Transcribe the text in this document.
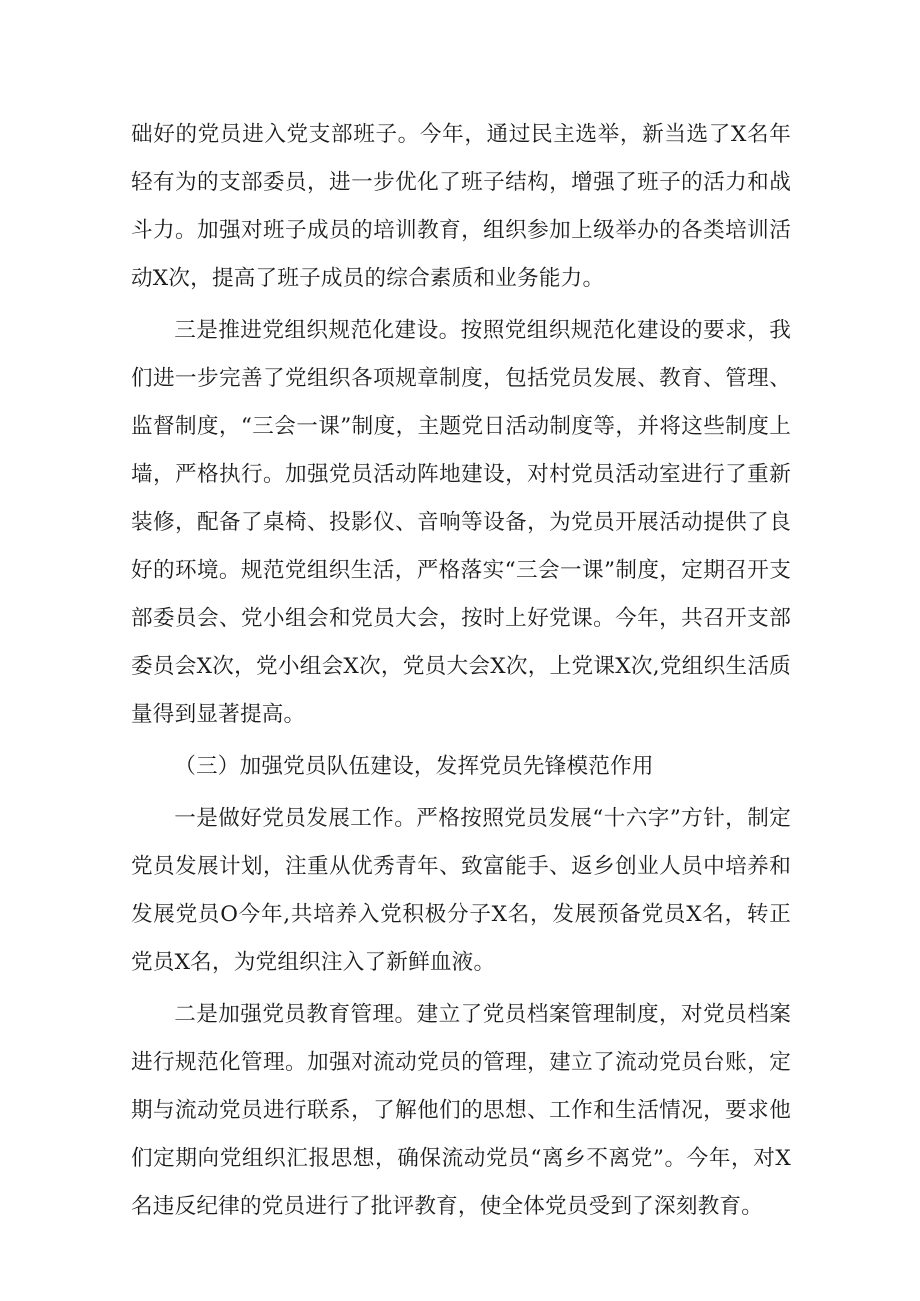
础好的党员进入党支部班子。今年，通过民主选举，新当选了X名年轻有为的支部委员，进一步优化了班子结构，增强了班子的活力和战斗力。加强对班子成员的培训教育，组织参加上级举办的各类培训活动X次，提高了班子成员的综合素质和业务能力。

三是推进党组织规范化建设。按照党组织规范化建设的要求，我们进一步完善了党组织各项规章制度，包括党员发展、教育、管理、监督制度，“三会一课”制度，主题党日活动制度等，并将这些制度上墙，严格执行。加强党员活动阵地建设，对村党员活动室进行了重新装修，配备了桌椅、投影仪、音响等设备，为党员开展活动提供了良好的环境。规范党组织生活，严格落实“三会一课”制度，定期召开支部委员会、党小组会和党员大会，按时上好党课。今年，共召开支部委员会X次，党小组会X次，党员大会X次，上党课X次,党组织生活质量得到显著提高。

（三）加强党员队伍建设，发挥党员先锋模范作用

一是做好党员发展工作。严格按照党员发展“十六字”方针，制定党员发展计划，注重从优秀青年、致富能手、返乡创业人员中培养和发展党员O今年,共培养入党积极分子X名，发展预备党员X名，转正党员X名，为党组织注入了新鲜血液。

二是加强党员教育管理。建立了党员档案管理制度，对党员档案进行规范化管理。加强对流动党员的管理，建立了流动党员台账，定期与流动党员进行联系，了解他们的思想、工作和生活情况，要求他们定期向党组织汇报思想，确保流动党员“离乡不离党”。今年，对X名违反纪律的党员进行了批评教育，使全体党员受到了深刻教育。
